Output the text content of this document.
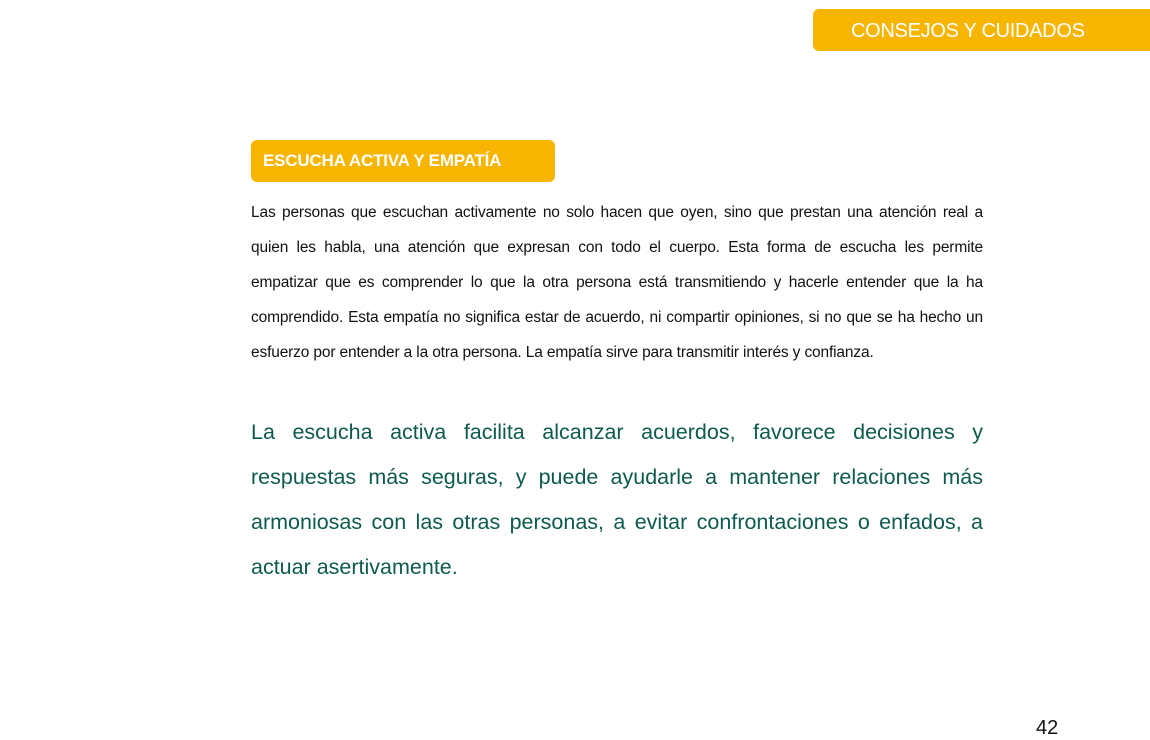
CONSEJOS Y CUIDADOS
ESCUCHA ACTIVA Y EMPATÍA

Las personas que escuchan activamente no solo hacen que oyen, sino que prestan una atención real a quien les habla, una atención que expresan con todo el cuerpo. Esta forma de escucha les permite empatizar que es comprender lo que la otra persona está transmitiendo y hacerle entender que la ha comprendido. Esta empatía no significa estar de acuerdo, ni compartir opiniones, si no que se ha hecho un esfuerzo por entender a la otra persona. La empatía sirve para transmitir interés y confianza.

La escucha activa facilita alcanzar acuerdos, favorece decisiones y respuestas más seguras, y puede ayudarle a mantener relaciones más armoniosas con las otras personas, a evitar confrontaciones o enfados, a actuar asertivamente.

42
